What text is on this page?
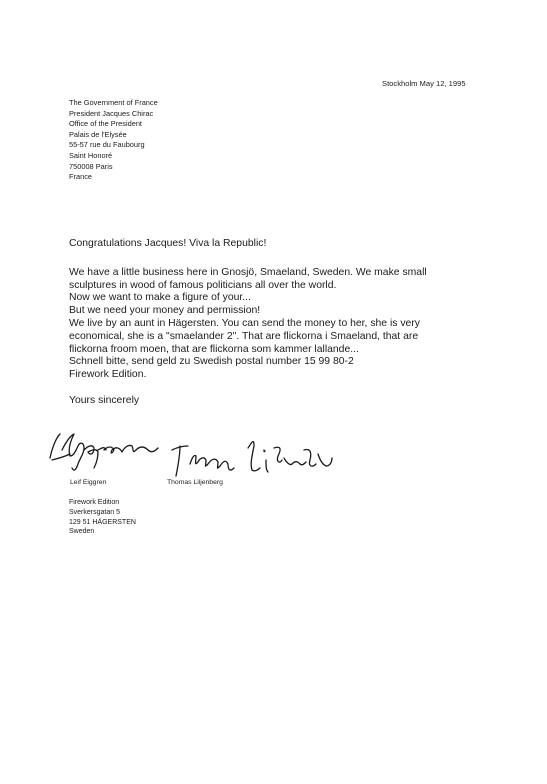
Stockholm May 12, 1995
The Government of France
President Jacques Chirac
Office of the President
Palais de l'Elysée
55-57 rue du Faubourg
Saint Honoré
750008 Paris
France

Congratulations Jacques! Viva la Republic!

We have a little business here in Gnosjö, Smaeland, Sweden. We make small

sculptures in wood of famous politicians all over the world.

Now we want to make a figure of your...

But we need your money and permission!

We live by an aunt in Hägersten. You can send the money to her, she is very

economical, she is a "smaelander 2". That are flickorna i Smaeland, that are

flickorna froom moen, that are flickorna som kammer lallande...

Schnell bitte, send geld zu Swedish postal number 15 99 80-2

Firework Edition.

Yours sincerely

Leif Eiggren	Thomas Liljenberg
Firework Edition
Sverkersgatan 5
129 51 HÄGERSTEN
Sweden
